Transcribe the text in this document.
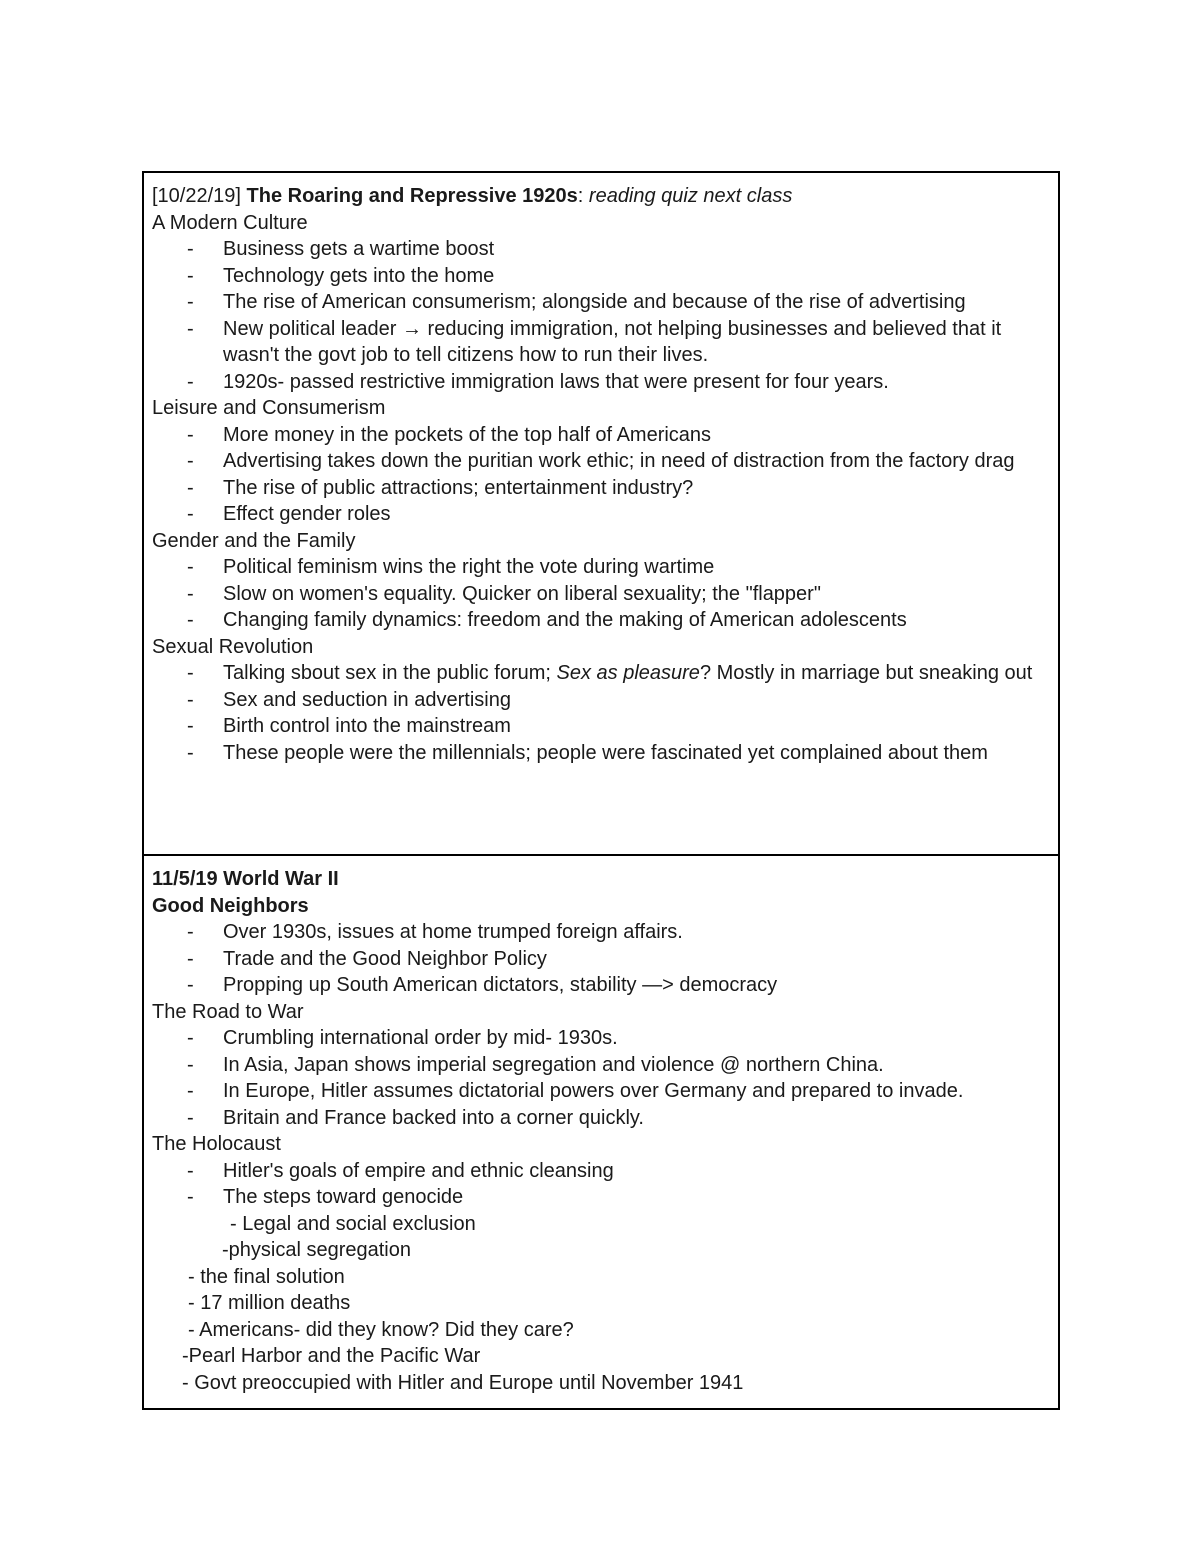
[10/22/19] The Roaring and Repressive 1920s: reading quiz next class
A Modern Culture
- Business gets a wartime boost
- Technology gets into the home
- The rise of American consumerism; alongside and because of the rise of advertising
- New political leader → reducing immigration, not helping businesses and believed that it wasn't the govt job to tell citizens how to run their lives.
- 1920s- passed restrictive immigration laws that were present for four years.
Leisure and Consumerism
- More money in the pockets of the top half of Americans
- Advertising takes down the puritian work ethic; in need of distraction from the factory drag
- The rise of public attractions; entertainment industry?
- Effect gender roles
Gender and the Family
- Political feminism wins the right the vote during wartime
- Slow on women's equality. Quicker on liberal sexuality; the "flapper"
- Changing family dynamics: freedom and the making of American adolescents
Sexual Revolution
- Talking sbout sex in the public forum; Sex as pleasure? Mostly in marriage but sneaking out
- Sex and seduction in advertising
- Birth control into the mainstream
- These people were the millennials; people were fascinated yet complained about them
11/5/19 World War II
Good Neighbors
- Over 1930s, issues at home trumped foreign affairs.
- Trade and the Good Neighbor Policy
- Propping up South American dictators, stability —> democracy
The Road to War
- Crumbling international order by mid- 1930s.
- In Asia, Japan shows imperial segregation and violence @ northern China.
- In Europe, Hitler assumes dictatorial powers over Germany and prepared to invade.
- Britain and France backed into a corner quickly.
The Holocaust
- Hitler's goals of empire and ethnic cleansing
- The steps toward genocide
- Legal and social exclusion
-physical segregation
- the final solution
- 17 million deaths
- Americans- did they know? Did they care?
-Pearl Harbor and the Pacific War
- Govt preoccupied with Hitler and Europe until November 1941
